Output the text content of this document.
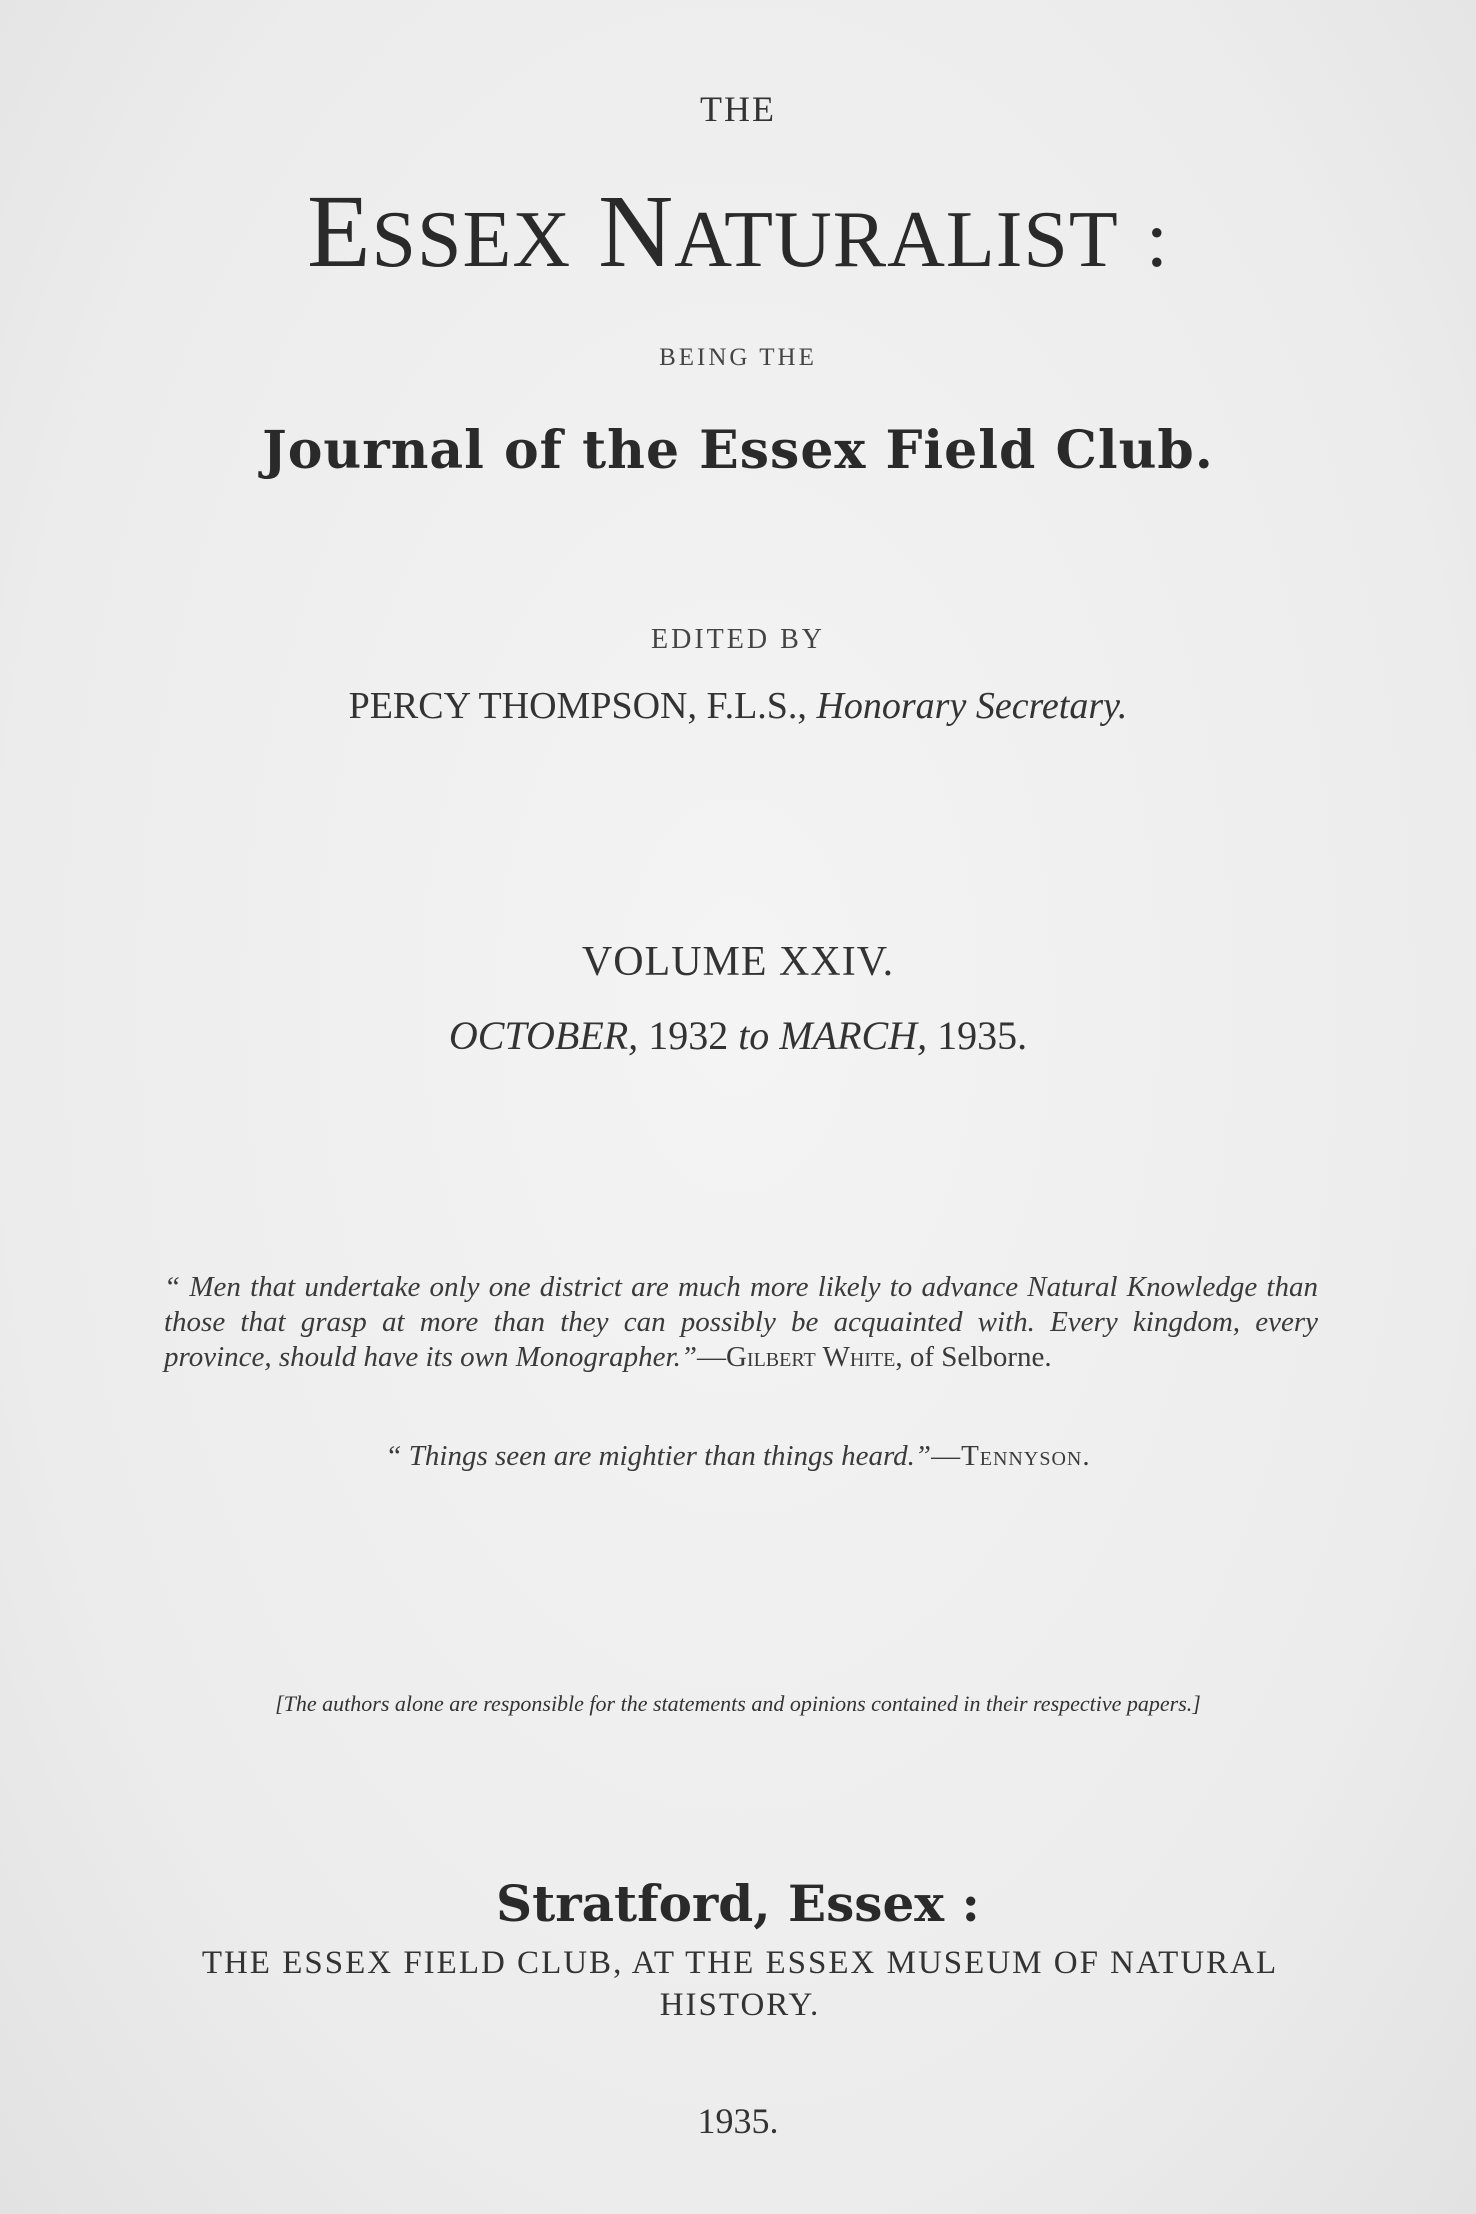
THE
ESSEX NATURALIST :
BEING THE
Journal of the Essex Field Club.
EDITED BY
PERCY THOMPSON, F.L.S., Honorary Secretary.
VOLUME XXIV.
OCTOBER, 1932 to MARCH, 1935.
“ Men that undertake only one district are much more likely to advance Natural Knowledge than those that grasp at more than they can possibly be acquainted with. Every kingdom, every province, should have its own Monographer.”—Gilbert White, of Selborne.
“ Things seen are mightier than things heard.”—Tennyson.
[The authors alone are responsible for the statements and opinions contained in their respective papers.]
Stratford, Essex :
THE ESSEX FIELD CLUB, AT THE ESSEX MUSEUM OF NATURAL HISTORY.
1935.
